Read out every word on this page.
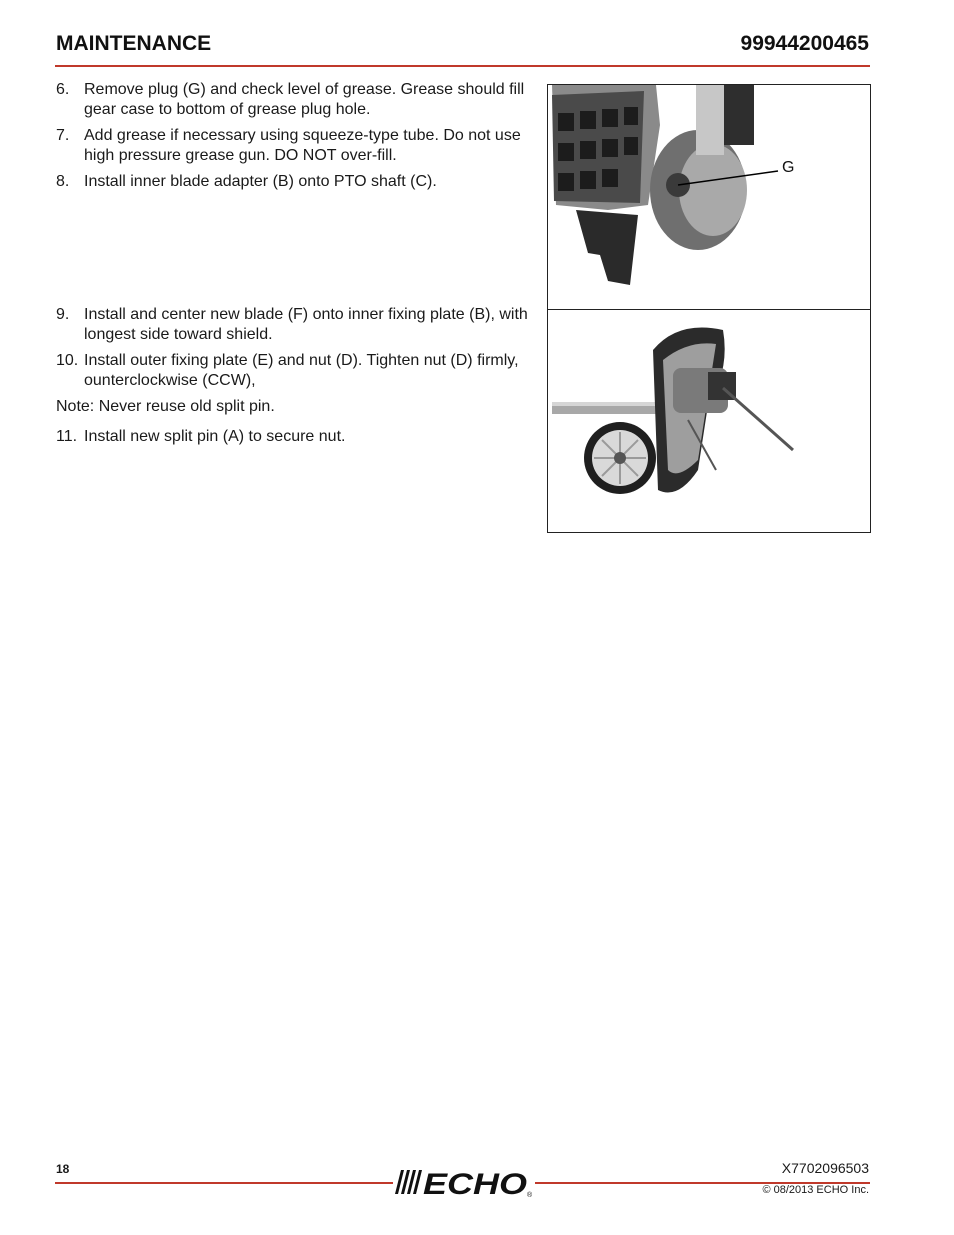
MAINTENANCE	99944200465
6. Remove plug (G) and check level of grease. Grease should fill gear case to bottom of grease plug hole.
7. Add grease if necessary using squeeze-type tube. Do not use high pressure grease gun. DO NOT over-fill.
8. Install inner blade adapter (B) onto PTO shaft (C).
9. Install and center new blade (F) onto inner fixing plate (B), with longest side toward shield.
10. Install outer fixing plate (E) and nut (D). Tighten nut (D) firmly, ounterclockwise (CCW),
Note: Never reuse old split pin.
11. Install new split pin (A) to secure nut.
G
18	ECHO ®
X7702096503
© 08/2013 ECHO Inc.
